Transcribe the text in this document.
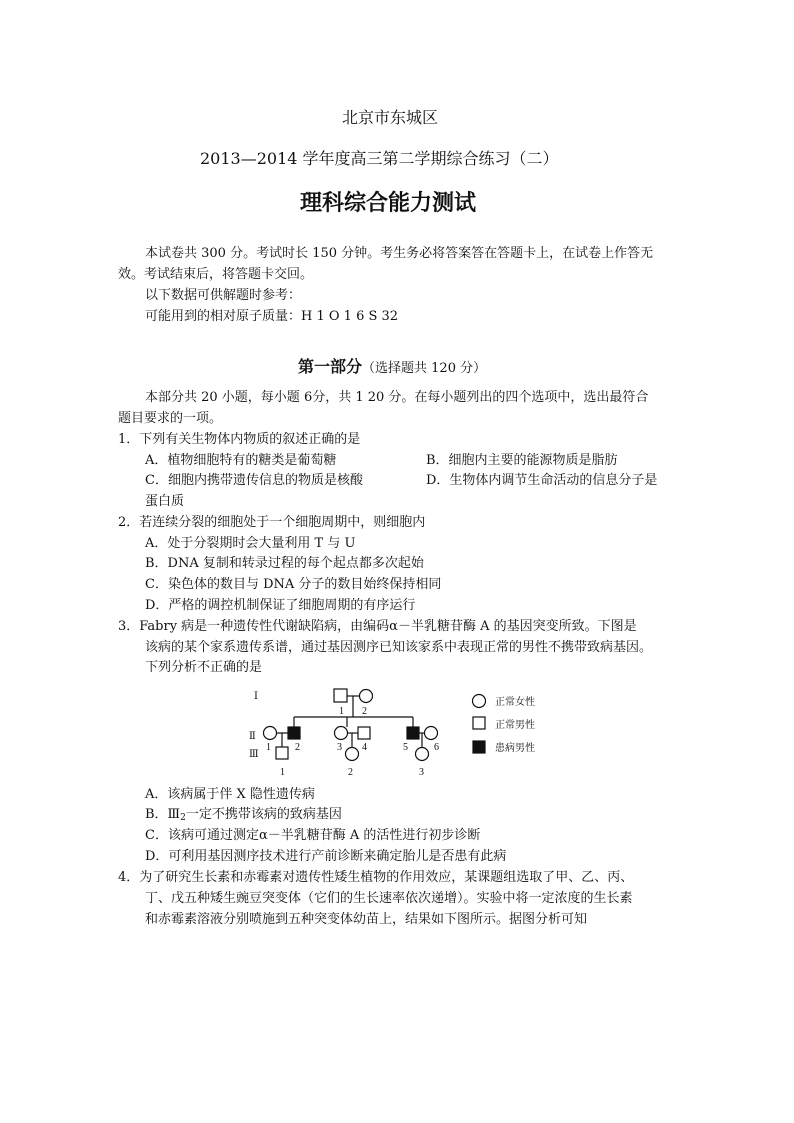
北京市东城区
2013—2014 学年度高三第二学期综合练习（二）
理科综合能力测试
本试卷共 300 分。考试时长 150 分钟。考生务必将答案答在答题卡上，在试卷上作答无
效。考试结束后，将答题卡交回。
以下数据可供解题时参考：
可能用到的相对原子质量：H 1 O 1 6 S 32
第一部分（选择题共 120 分）
本部分共 20 小题，每小题 6分，共 1 20 分。在每小题列出的四个选项中，选出最符合
题目要求的一项。
1．下列有关生物体内物质的叙述正确的是
A．植物细胞特有的糖类是葡萄糖	B．细胞内主要的能源物质是脂肪
C．细胞内携带遗传信息的物质是核酸	D．生物体内调节生命活动的信息分子是
蛋白质
2．若连续分裂的细胞处于一个细胞周期中，则细胞内
A．处于分裂期时会大量利用 T 与 U
B．DNA 复制和转录过程的每个起点都多次起始
C．染色体的数目与 DNA 分子的数目始终保持相同
D．严格的调控机制保证了细胞周期的有序运行
3．Fabry 病是一种遗传性代谢缺陷病，由编码α－半乳糖苷酶 A 的基因突变所致。下图是
该病的某个家系遗传系谱，通过基因测序已知该家系中表现正常的男性不携带致病基因。
下列分析不正确的是
Ⅰ
Ⅱ
Ⅲ
1 2
1 2	3 4	5	6
1	2	3
正常女性
正常男性
患病男性
A．该病属于伴 X 隐性遗传病
B．$Ⅲ_2$一定不携带该病的致病基因
C．该病可通过测定α－半乳糖苷酶 A 的活性进行初步诊断
D．可利用基因测序技术进行产前诊断来确定胎儿是否患有此病
4．为了研究生长素和赤霉素对遗传性矮生植物的作用效应，某课题组选取了甲、乙、丙、
丁、戊五种矮生豌豆突变体（它们的生长速率依次递增）。实验中将一定浓度的生长素
和赤霉素溶液分别喷施到五种突变体幼苗上，结果如下图所示。据图分析可知
